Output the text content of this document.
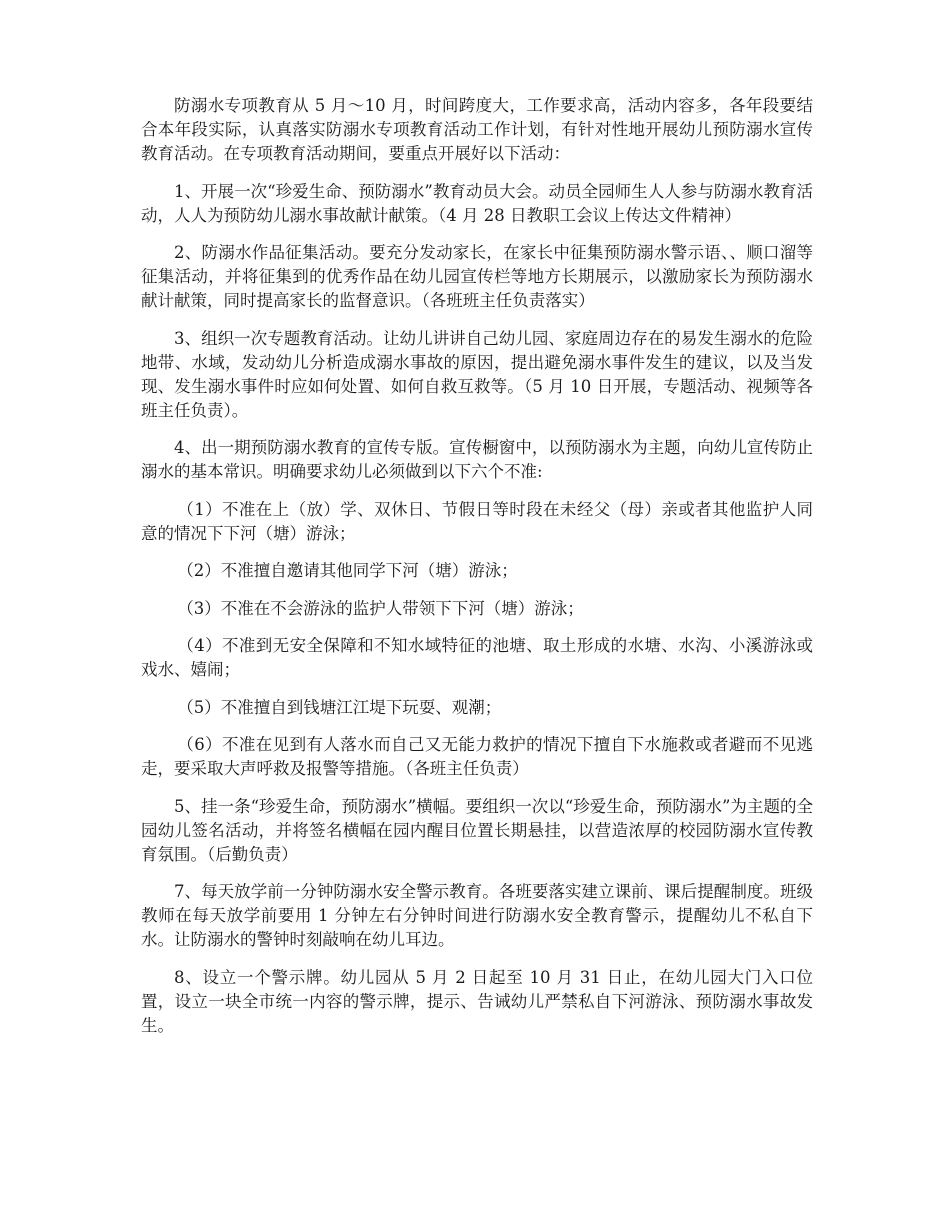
防溺水专项教育从 5 月～10 月，时间跨度大，工作要求高，活动内容多，各年段要结合本年段实际，认真落实防溺水专项教育活动工作计划，有针对性地开展幼儿预防溺水宣传教育活动。在专项教育活动期间，要重点开展好以下活动：

1、开展一次“珍爱生命、预防溺水”教育动员大会。动员全园师生人人参与防溺水教育活动，人人为预防幼儿溺水事故献计献策。（4 月 28 日教职工会议上传达文件精神）

2、防溺水作品征集活动。要充分发动家长，在家长中征集预防溺水警示语、、顺口溜等征集活动，并将征集到的优秀作品在幼儿园宣传栏等地方长期展示，以激励家长为预防溺水献计献策，同时提高家长的监督意识。（各班班主任负责落实）

3、组织一次专题教育活动。让幼儿讲讲自己幼儿园、家庭周边存在的易发生溺水的危险地带、水域，发动幼儿分析造成溺水事故的原因，提出避免溺水事件发生的建议，以及当发现、发生溺水事件时应如何处置、如何自救互救等。（5 月 10 日开展，专题活动、视频等各班主任负责）。

4、出一期预防溺水教育的宣传专版。宣传橱窗中，以预防溺水为主题，向幼儿宣传防止溺水的基本常识。明确要求幼儿必须做到以下六个不准:

（1）不准在上（放）学、双休日、节假日等时段在未经父（母）亲或者其他监护人同意的情况下下河（塘）游泳；

（2）不准擅自邀请其他同学下河（塘）游泳；

（3）不准在不会游泳的监护人带领下下河（塘）游泳；

（4）不准到无安全保障和不知水域特征的池塘、取土形成的水塘、水沟、小溪游泳或戏水、嬉闹；

（5）不准擅自到钱塘江江堤下玩耍、观潮；

（6）不准在见到有人落水而自己又无能力救护的情况下擅自下水施救或者避而不见逃走，要采取大声呼救及报警等措施。（各班主任负责）

5、挂一条“珍爱生命，预防溺水”横幅。要组织一次以“珍爱生命，预防溺水”为主题的全园幼儿签名活动，并将签名横幅在园内醒目位置长期悬挂，以营造浓厚的校园防溺水宣传教育氛围。（后勤负责）

7、每天放学前一分钟防溺水安全警示教育。各班要落实建立课前、课后提醒制度。班级教师在每天放学前要用 1 分钟左右分钟时间进行防溺水安全教育警示，提醒幼儿不私自下水。让防溺水的警钟时刻敲响在幼儿耳边。

8、设立一个警示牌。幼儿园从 5 月 2 日起至 10 月 31 日止，在幼儿园大门入口位置，设立一块全市统一内容的警示牌，提示、告诫幼儿严禁私自下河游泳、预防溺水事故发生。
